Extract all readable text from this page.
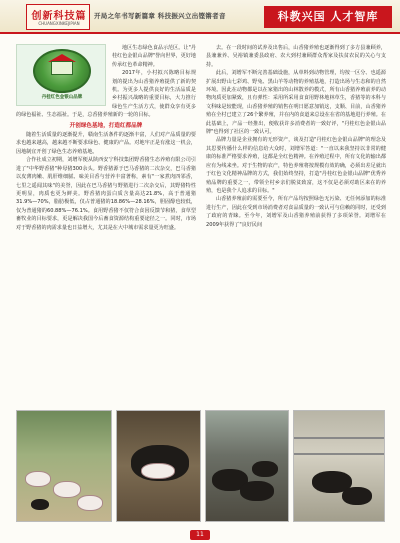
创新科技篇
CHUANGXINKEJIPIAN
开局之年书写新篇章 科技振兴立出铿锵者音	科教兴国 人才智库
丹桂红色金银山品牌

地区生态绿色食品示范区。让"丹桂红色金银山品牌"誉向世界，更好地传承红色革命精神。

2017年，小村拟兴陈略目标规划的提出为山香猪养殖提供了新的契机。为更多人提供良好的生活品质是乡村振兴战略的重要目标，大力推行绿色生产生活方式，使群众享有更多的绿色福祉、生态福祉。于是，总香猪养殖新的一轮的目标。

开创绿色基地，打造红都品牌

随着生活质量的逐渐提升，赣南生活条件的逐渐丰富，人们对产品质量的要求也越来越高，越来越不断要求绿色、健康的产品。对地牢正是有涨这一机会，因地制宜开创了绿色生态养殖基地。

合作社成立初期，刘增军便从陕西安宁科技集团野香猪生态养殖有限公司引进了"中华野香猪"种母猪300余头。野香猪源于巴马香猪的二次杂交，巴马香猪以皮薄肉嫩、肌肝维细腻、味美目香与营养丰富著称，素有"一家煮肉四邻香，七里之遥闻其味"的美誉，因此在巴马香猪与野猪进行二次杂交后，其野猪特性更明显，肉质也更为鲜美。野香猪肉蛋白质含量高达21.8%，高于普通猪31.9%—70%，脂肪极低，仅占普通猪的18.86%—28.16%，胆固醇也较低，仅为普通猪的60.88%—76.1%。食用野香猪不仅符合食因反馈节和猪，食草型畜牧业的目标要求，更是解决我国今后畜食资源结构重要途径之一。同时，市场对于野香猪的肉需求量也日益增大，尤其是在大中城市需求量更为旺盛。

去。在一段时间的试养及出售后，山香猪养殖也逐渐得到了多方县兼顾养，县兼兼养、吴裕镇兼委县政府、农大到村兼顾群众帮家及扶贫农民的关心与支持。

此后，刘增军不断完善基础设施，从单料到动物管理，均按一区分、也遥源扩展出野山七彩鸡、野兔、黑山羊等动物的养殖基地，打造出场与生态和的自然环境。因此在动物都是以在家猪出的山林散养的模式，所有山香猪养殖前养的动物肉质更加紧致，且有弹性：采用所采用食食用野林地林草生，香猪等的本科与文科味是较能现，山香猪养殖的销售在明日愿意加销这，支顺、目前，山香猪养殖在全村已建立了26个繁养殖，并在内的食道来总设在在省的基地进行养殖。在此基础上，产品一经推出，便收获许多消费者的一致好评，"丹桂红色金银山品牌"也得到了社区的一致认可。

品牌力量是企业拥有的无形资产，谈及打造"丹桂红色金银山品牌"的理念及其思要传播什么样的信息给大众时，刘增军答道："一直以来我坚持以非常的健康的标准严格要求养殖，这都是全红色精神。在养殖过程中，所有文化的输出都应有为线来坐。对于生物的农产，特色养殖将按规模有效的确，必须出差足就出于红色文化精神品牌的方式，我们始终坚持，打造"丹桂红色金银山品牌"优秀养殖品牌的重要之一，带领全村乡亲们脱贫致富，这不仅是必须对助区来在的养殖，也是我个人追求的目标。"

山香猪养殖前的需要至今，所有产品均按照绿色无污染、无任何添加的标准进行生产，因此在受到市场消费者对食品质量的一致认可与信赖的同时，还受到了政府的青睐。至今年，刘增军及山香猪养殖前获得了多项荣誉。刘增军在2009年获得了"良好民间

11
